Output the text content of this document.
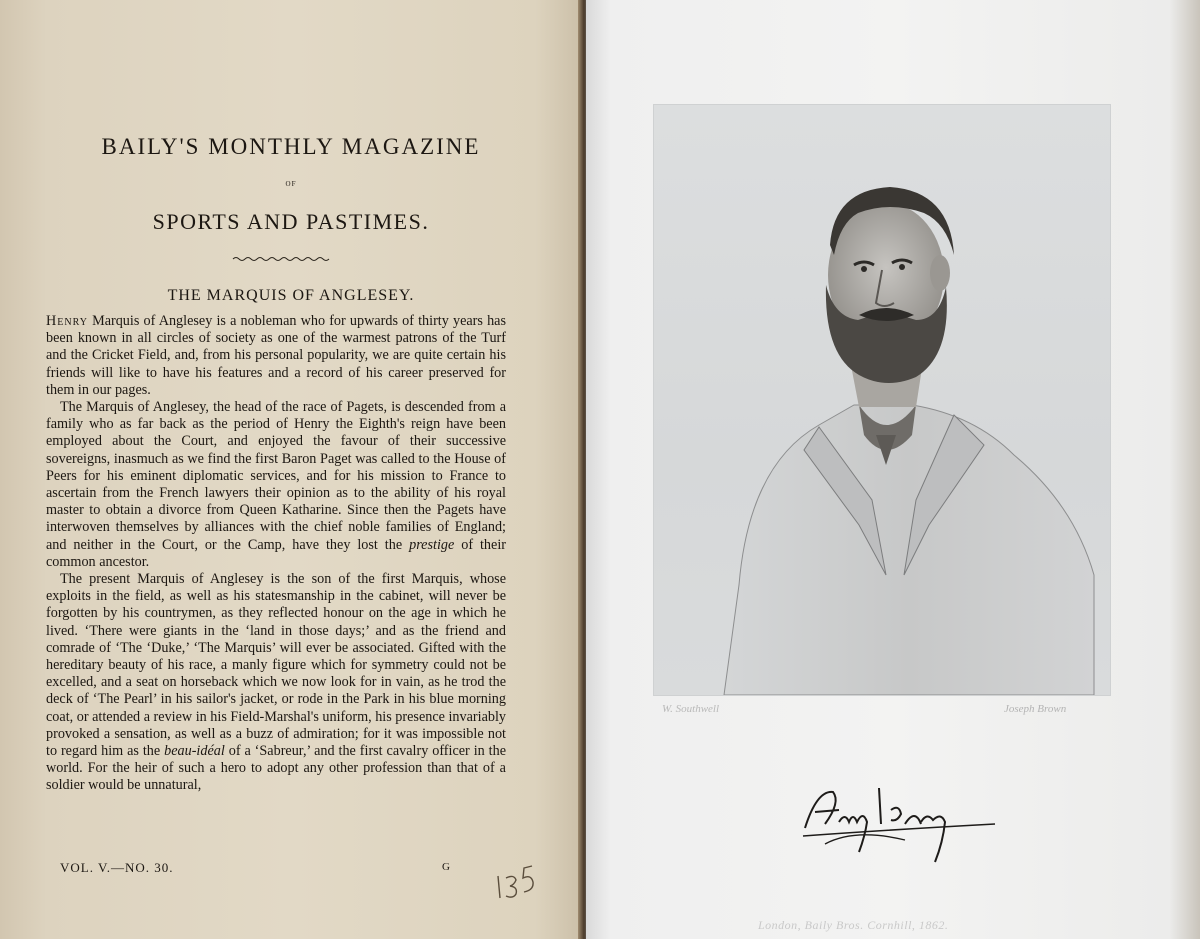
BAILY'S MONTHLY MAGAZINE
OF
SPORTS AND PASTIMES.
THE MARQUIS OF ANGLESEY.

Henry Marquis of Anglesey is a nobleman who for upwards of thirty years has been known in all circles of society as one of the warmest patrons of the Turf and the Cricket Field, and, from his personal popularity, we are quite certain his friends will like to have his features and a record of his career preserved for them in our pages.

The Marquis of Anglesey, the head of the race of Pagets, is descended from a family who as far back as the period of Henry the Eighth's reign have been employed about the Court, and enjoyed the favour of their successive sovereigns, inasmuch as we find the first Baron Paget was called to the House of Peers for his eminent diplomatic services, and for his mission to France to ascertain from the French lawyers their opinion as to the ability of his royal master to obtain a divorce from Queen Katharine. Since then the Pagets have interwoven themselves by alliances with the chief noble families of England; and neither in the Court, or the Camp, have they lost the prestige of their common ancestor.

The present Marquis of Anglesey is the son of the first Marquis, whose exploits in the field, as well as his statesmanship in the cabinet, will never be forgotten by his countrymen, as they reflected honour on the age in which he lived. ‘There were giants in the ‘land in those days;’ and as the friend and comrade of ‘The ‘Duke,’ ‘The Marquis’ will ever be associated. Gifted with the hereditary beauty of his race, a manly figure which for symmetry could not be excelled, and a seat on horseback which we now look for in vain, as he trod the deck of ‘The Pearl’ in his sailor's jacket, or rode in the Park in his blue morning coat, or attended a review in his Field-Marshal's uniform, his presence invariably provoked a sensation, as well as a buzz of admiration; for it was impossible not to regard him as the beau-idéal of a ‘Sabreur,’ and the first cavalry officer in the world. For the heir of such a hero to adopt any other profession than that of a soldier would be unnatural,

VOL. V.—NO. 30.	G
W. Southwell	Joseph Brown
London, Baily Bros. Cornhill, 1862.
